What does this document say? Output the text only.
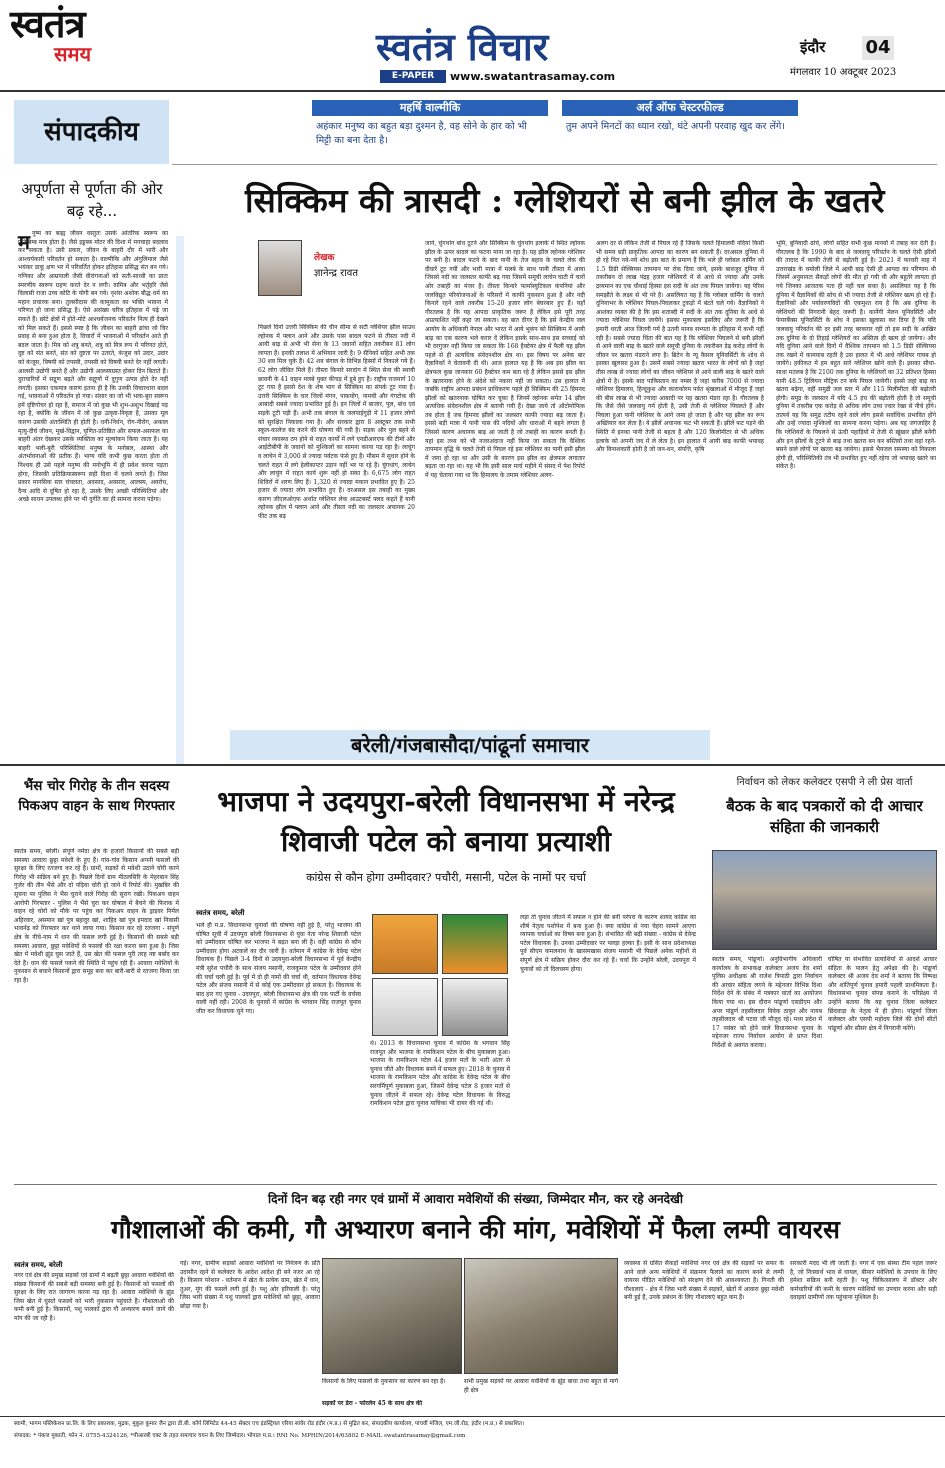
स्वतंत्र
समय	स्वतंत्र विचार
E-PAPER	www.swatantrasamay.com
इंदौर	04
मंगलवार 10 अक्टूबर 2023
संपादकीय
अपूर्णता से पूर्णता की ओर बढ़ रहे...
म नुष्य का बाह्य जीवन वस्तुतः उसके आंतरिक स्वरूप का प्रतिबिम्ब मात्र होता है। जैसे इड्डब्क मोटर की दिशा में मनचाहा बदलाव कर सकता है। उसी प्रकार, जीवन के बाहरी दौर में भारी और आश्चर्यकारी परिवर्तन हो सकता है। वाल्मीकि और अंगुलिमाल जैसे भयंकर डाकू क्षण भर में परिवर्तित होकर इतिहास प्रसिद्ध संत बन गये। गणिका और आम्रपाली जैसी वीरांगनाओं को सती-साध्वी का प्रातः स्मरणीय स्वरूप ग्रहण करते देर न लगी। वामित्र और भर्तृहरि जैसे विलासी राजा उच्च कोटि के योगी बन गये। नृशंस अशोक बौद्ध धर्म का महान प्रचारक बना। तुलसीदास की कामुकता का भक्ति भावना में परिणत हो जाना प्रसिद्ध है। ऐसे असंख्य चरित्र इतिहास में पढ़े जा सकते हैं। छोटे क्षेत्रों में होते-मोटे आश्चर्यजनक परिवर्तन नित्य ही देखने को मिल सकते हैं। इससे स्पष्ट है कि जीवन का बाहरी ढांचा जो चिर प्रवाह से बना हुआ होता है, विचारों में भावनाओं में परिवर्तन आते ही बदल जाता है। मित्र को शत्रु बनते, शत्रु को मित्र रूप में परिणत होते, दुष्ट को संत बनते, संत को दुष्टता पर उतरते, कंजूस को उदार, उदार को कंजूस, विषयी को तपस्वी, तपस्वी को विषयी बनते देर नहीं लगती। आलसी उद्योगी बनते हैं और उद्योगी आलस्यग्रस्त होकर दिन बिताते हैं। दुराचारियों में सद्गुण बढ़ते और सद्गुणों में दुगुण उत्पन्न होते देर नहीं लगती। इसका एकमात्र कारण इतना ही है कि उनकी विचारधारा बदल गई, भावनाओं में परिवर्तन हो गया। संसार का जो भी भला-बुरा स्वरूप हमें दृष्टिगोचर हो रहा है, समाज में जो कुछ भी शुभ-अशुभ दिखाई पड़ रहा है, क्योंकि के जीवन में जो कुछ उत्कृष्ट-निकृष्ट है, उसका मूल कारण उसकी अंतःस्थिति ही होती है। धनी-निर्धन, रोग-नीरोग, अकाल मृत्यु-दीर्घ जीवन, मूर्ख-विद्वान, घृणित-प्रतिष्ठित और सफल-असफल का बाहरी अंतर देखकर उसके व्यक्तित्व का मूल्यांकन किया जाता है। यह बाहरी भली-बुरी परिस्थितियां मनुष्य के मनोबल, आस्था और अंतर्भावनाओं की प्रतीक हैं। भाग्य यदि कभी कुछ करता होता तो निश्चय ही उसे पहले मनुष्य की मनोभूमि में ही प्रवेश करना पड़ता होगा, जिसकी प्रतिक्रियास्वरूप सही दिशा में चलने लगते हैं। जिस प्रकार मानसिक स्तर चंचलता, अवसाद, अवसाद, आलस्य, अवरोध, दैन्य आदि से दूषित हो रहा है, उसके लिए अच्छी परिस्थितियां और अच्छे साधन उपलब्ध होने पर भी दुर्गति का ही सामना करना पड़ेगा।
महर्षि वाल्मीकि
अहंकार मनुष्य का बहुत बड़ा दुश्मन है, वह सोने के हार को भी मिट्टी का बना देता है।
अर्ल ऑफ चेस्टरफील्ड
तुम अपने मिनटों का ध्यान रखो, घंटे अपनी परवाह खुद कर लेंगे।
सिक्किम की त्रासदी : ग्लेशियरों से बनी झील के खतरे
लेखक
ज्ञानेन्द्र रावत
पिछले दिनों उत्तरी सिक्किम की चीन सीमा से सटी ग्लेशियर झील साउथ ल्होनक में फ्लान आने और उसके पास बादल फटने से तीस्ता नदी में आयी बाढ़ से अभी भी सेना के 13 जवानों सहित तकरीबन 81 लोग लापता हैं। इनकी तलाश में अभियान जारी है। 9 सैनिकों सहित अभी तक 30 शव मिल चुके हैं। 42 शव बंगाल के विभिन्न हिस्सों में निकाले गये हैं। 62 लोग जीवित मिले हैं। तीस्ता किनारे सरदांग में स्थित सेना की स्थायी छावनी के 41 वाहन मलबे युक्त कीचड़ में डूबे हुए हैं। राष्ट्रीय राजमार्ग 10 टूट गया है इससे देश के शेष भाग से सिक्किम का संपर्क टूट गया है। उत्तरी सिक्किम के चार जिलों मंगन, पाकयोंग, नामची और गंगटोक की आबादी सबसे ज्यादा प्रभावित हुई है। इन जिलों में बाजार, पुल, बांध एवं सड़कें टूटी पड़ी हैं। अभी तक बंगाल के जलपाईगुड़ी में 11 हजार लोगों को सुरक्षित निकाला गया है। और सरकार द्वारा 8 अक्टूबर तक सभी स्कूल-कालेज बंद करने की घोषणा की गयी है। सड़क और पुल बहने से संचार व्यवस्था ठप होने से राहत कार्यों में लगे एनडीआरएफ की टीमों और आईटीबीपी के जवानों को मुश्किलों का सामना करना पड़ रहा है। लाचुंग व लाचेन में 3,000 से ज्यादा पर्यटक फंसे हुए हैं। मौसम में सुधार होने के चलते राहत में लगे हेलीकाप्टर उड़ान नहीं भर पा रहे हैं। चुंगथांग, लाचेन और लाचुंग में राहत कार्य शुरू नहीं हो सका है। 6,675 लोग राहत शिविरों में शरण लिए हैं। 1,320 से ज्यादा मकान प्रभावित हुए हैं। 25 हजार से ज्यादा लोग प्रभावित हुए हैं। दरअसल इस तबाही का मुख्य कारण जीएलओएफ अर्थात ग्लेशियर लेक आउटबर्स्ट फ्लड कहते हैं यानी ल्होनक झील में फ्लान आने और तीस्ता नदी का जलस्तर अचानक 20 फीट तक बढ़
जाने, चुंगथांग बांध टूटने और सिक्किम के चुंगथांग इलाके में स्थित ल्होनक झील के ऊपर बादल का फटना माना जा रहा है। यह झील ल्होनक ग्लेशियर पर बनी है। बादल फटने के बाद पानी के तेज बहाव के चलते लेक की दीवारें टूट गयीं और भारी मात्रा में मलबे के साथ पानी तीस्ता में आया जिससे नदी का जलस्तर काफी बढ़ गया जिसमें समूची लाचेन घाटी में चारों ओर तबाही का मंजर है। तीस्ता किनारे फार्मास्युटिकल कंपनियां और जलविद्युत परियोजनाओं के परिसरों में काफी नुकसान हुआ है और नदी किनारे रहने वाले तकरीब 15-20 हजार लोग बेघरबार हुए हैं। यहाँ गौरतलब है कि यह आपदा प्राकृतिक जरूर है लेकिन इसे पूरी तरह अप्रत्याशित नहीं कहा जा सकता। वह बात दीगर है कि इसे केन्द्रीय जल आयोग के अधिकारी नेपाल और भारत में आये भूकंप को सिक्किम में आयी बाढ़ का एक कारण भले करार दें लेकिन इसके साथ-साथ इस सच्चाई को भी दरगुजर नहीं किया जा सकता कि 168 हैक्टेयर क्षेत्र में फैली यह झील पहले से ही अत्यधिक संवेदनशील क्षेत्र था। इस विषय पर अनेक बार वैज्ञानिकों ने चेतावनी दी थी। आज हालात यह है कि अब इस झील का क्षेत्रफल कुछ जानकार 60 हैक्टेयर कम बता रहे हैं लेकिन इससे इस झील के खतरनाक होने के अंदेशे को नकारा नहीं जा सकता। उस हालात में जबकि राष्ट्रीय आपदा प्रबंधन प्राधिकरण पहले ही सिक्किम की 25 हिमनद झीलों को खतरनाक घोषित कर चुका है जिनमें ल्होनक समेत 14 झील अत्यधिक संवेदनशील क्षेत्र में बतायी गयी हैं। देखा जाये तो ऑटोमोफिक तब होता है जब हिमनद झीलों का जलस्तर काफी ज्यादा बढ़ जाता है। इससे बड़ी मात्रा में पानी पास की नदियों और धाराओं में बहने लगता है जिससे कारण अचानक बाढ़ आ जाती है जो तबाही का कारण बनती है। यहां इस तथ्य को भी नजरअंदाज नहीं किया जा सकता कि वैश्विक तापमान वृद्धि के चलते तेजी से पिघल रहे इस ग्लेशियर का पानी इसी झील में जमा हो रहा था और उसी के कारण इस झील का क्षेत्रफल लगातार बढ़ता जा रहा था। यह भी कि इसी साल मार्च महीने में संसद में पेश रिपोर्ट में यह चेताया गया था कि हिमालय के तमाम ग्लेशियर अलग-
अलग दर से लेकिन तेजी से पिघल रहे हैं जिसके चलते हिमालयी नदियां किसी भी समय बड़ी प्राकृतिक आपदा का कारण बन सकती हैं। दरअसल दुनिया में हो रहे नित नये-नये शोध इस बात के प्रमाण हैं कि भले ही ग्लोबल वार्मिंग को 1.5 डिग्री सेल्सियस तापमान पर रोक दिया जाये, इसके बावजूद दुनिया में तकरीबन दो लाख पंद्रह हजार ग्लेशियरों में से आधे से ज्यादा और उनके द्रव्यमान का एक चौथाई हिस्सा इस सदी के अंत तक पिघल जायेगा। यह पेरिस समझौते के लक्ष्य से भी परे है। असलियत यह है कि ग्लोबल वार्मिंग के चलते दुनियाभर के ग्लेशियर पिघल-पिघलकर टुकड़ों में बंटते चले गये। वैज्ञानिकों ने आशंका व्यक्त की है कि इस शताब्दी में सदी के अंत तक दुनिया के आधे से ज्यादा ग्लेशियर पिघल जायेंगे। इसका मुकाबला इसलिए और जरूरी है कि हमारी धरती आज जितनी गर्म है उतनी मानव सभ्यता के इतिहास में कभी नहीं रही है। सबसे ज्यादा चिंता की बात यह है कि ग्लेशियर पिघलने से बनी झीलों से आने वाली बाढ़ के खतरे वाले समूची दुनिया के तकरीबन डेढ़ करोड़ लोगों के जीवन पर खतरा मंडराने लगा है। ब्रिटेन के न्यू कैसल यूनिवर्सिटी के शोध से इसका खुलासा हुआ है। उसमें सबसे ज्यादा खतरा भारत के लोगों को है जहां तीस लाख से ज्यादा लोगों का जीवन ग्लेशियर से आने वाली बाढ़ के खतरे वाले क्षेत्रों में है। इसके बाद पाकिस्तान का नम्बर है जहां करीब 7000 से ज्यादा ग्लेशियर हिमालय, हिन्दूकुश और काराकोरम पर्वत श्रृंखलाओं में मौजूद हैं जहां की बीस लाख से भी ज्यादा आबादी पर यह खतरा मंडरा रहा है। गौरतलब है कि जैसे जैसे जलवायु गर्म होती है, उसी तेजी से ग्लेशियर पिघलते हैं और पिघला हुआ पानी ग्लेशियर के आगे जमा हो जाता है और यह झील का रूप अख्तियार कर लेता है। ये झीलें अचानक फट भी सकती हैं। झीलें फट पड़ने की स्थिति में इनका पानी तेजी से बहता है और 120 किलोमीटर से भी अधिक इलाके को अपनी जद में ले लेता है। इन हालात में आयी बाढ़ काफी भयावह और विनाशकारी होती है जो जन-धन, संपत्ति, कृषि
भूमि, बुनियादी ढांचे, लोगों सहित सभी कुछ मानवों में तबाह कर देती है। गौरतलब है कि 1990 के बाद से जलवायु परिवर्तन के चलते ऐसी झीलों की तादाद में काफी तेजी से बढ़ोतरी हुई है। 2021 में फरवरी माह में उत्तराखंड के चमोली जिले में आयी बाढ़ ऐसी ही आपदा का परिणाम थी जिसमें अनुमानतः सैकड़ों लोगों की मौत हो गयी थी और बहुतेरे लापता हो गये जिनका आजतक पता ही नहीं चल सका है। असलियत यह है कि दुनिया में वैज्ञानिकों की सोच से भी ज्यादा तेजी से ग्लेशियर खत्म हो रहे हैं। वैज्ञानिकों और पर्यावरणविदों की एकमुश्त राय है कि अब दुनिया के ग्लेशियरों की निगरानी बेहद जरूरी है। कार्नेगी मेलन यूनिवर्सिटी और फेयरबैंक्स यूनिवर्सिटी के शोध ने इसका खुलासा कर दिया है कि यदि जलवायु परिवर्तन की दर इसी तरह बरकरार रही तो इस सदी के आखिर तक दुनिया के दो तिहाई ग्लेशियरों का अस्तित्व ही खत्म हो जायेगा। और यदि दुनिया आने वाले दिनों में वैश्विक तापमान को 1.5 डिग्री सेल्सियस तक रखने में कामयाब रहती है उस हालत में भी आधे ग्लेशियर गायब हो जायेंगे। हकीकत में हम बहुत सारे ग्लेशियर खोने वाले हैं। इसका सीधा-साधा मतलब है कि 2100 तक दुनिया के ग्लेशियरों का 32 प्रतिशत हिस्सा यानी 48.5 ट्रिलियन मीट्रिक टन बर्फ पिघल जायेगी। इससे जहां बाढ़ का खतरा बढ़ेगा, वहीं समुद्री जल स्तर में और 115 मिलीमीटर की बढ़ोतरी होगी। समुद्र के जलस्तर में यदि 4.5 इंच की बढ़ोतरी होती है तो समूची दुनिया में तकरीब एक करोड़ से अधिक लोग उच्च ज्वार रेखा से नीचे होंगे। तात्पर्य यह कि समुद्र तटीय रहने वाले लोग इससे सर्वाधिक प्रभावित होंगे और उन्हें ज्यादा मुश्किलों का सामना करना पड़ेगा। अब यह जगजाहिर है कि ग्लेशियरों के पिघलने से ऊंची पहाड़ियों में तेजी से खूंखार झीलें बनेंगी और इन झीलों के टूटने से बाढ़ तथा खतरा बन कर बस्तियों तथा वहां रहने-बसने वाले लोगों पर खतरा बढ़ जायेगा। इससे भैयजल समस्या को निकाला होगी ही, परिस्थितिकी तंत्र भी प्रभावित हुए नहीं रहेगा जो भयावह खतरे का संकेत है।
बरेली/गंजबासौदा/पांढूर्ना समाचार
भैंस चोर गिरोह के तीन सदस्य पिकअप वाहन के साथ गिरफ्तार
स्वतंत्र समय, बरेली। संपूर्ण नर्मदा क्षेत्र के हजारों किसानों की सबसे बड़ी समस्या आवारा छुट्टा मवेशी के हुए हैं। गांव-गांव किसान अपनी फसलों की सुरक्षा के लिए रतजगा कर रहे हैं। ग्रामों, सड़कों से मवेशी उठाने चोरी करने गिरोह भी सक्रिय बने हुए हैं। पिछले दिनों ग्राम मीठलसिरि के मेहरबान सिंह गुर्जर की तीन भैंसे और दो पड़िया चोरी हो जाने में रिपोर्ट की। मुखबिर की सूचना पर पुलिस ने भैंस चुराने वाले गिरोह की सुराग रखी। पिकअप वाहन आरोपी गिरफ्तार - पुलिस ने भैंसे चुरा कर घोषाल में बैचने की फिराक में वाहन रहे चोरों को मौके पर पहुंच कर पिकअप वाहन के ड्राइवर निर्मल अहिरवार, असमान खां पुत्र बहादुर खां, शाहिद खां पुत्र इमदाद खां निवासी भावर्नढ़ को गिरफ्तार कर थाने लाया गया। किसान कर रहे रतजगा - संपूर्ण क्षेत्र के नीचे-नाम में धान की फसल लगी हुई है। किसानों की सबसे बड़ी समस्या आवारा, छुट्टा मवेशियों से फसलों की रक्षा करना बना हुआ है। जिस खेत में मवेशी झुंड घुस जाते हैं, उस खेत की फसल पूरी तरह नष्ट बर्बाद कर देते हैं। धान की फसलें पकने की स्थिति में पहुंच रही हैं। आवारा मवेशियों के नुकसान से बचाने किसानों द्वारा समूह बना कर बारी-बारी से रतजगा किया जा रहा है।
भाजपा ने उदयपुरा-बरेली विधानसभा में नरेन्द्र शिवाजी पटेल को बनाया प्रत्याशी
कांग्रेस से कौन होगा उम्मीदवार? पचौरी, मसानी, पटेल के नामों पर चर्चा
स्वतंत्र समय, बरेली
भले ही म.प्र. विधानसभा चुनावों की घोषणा नहीं हुई है, परंतु भाजपा की घोषित सूची में उदयपुरा बरेली विधानसभा से युवा नेता नरेन्द्र शिवाजी पटेल को उम्मीदवार घोषित कर भाजपा ने बढ़त बना ली है। वहीं कांग्रेस से कौन उम्मीदवार होगा अटकलें का दौर जारी है। वर्तमान में कांग्रेस के देवेन्द्र पटेल विधायक हैं। पिछले 3-4 दिनों से उदयपुरा-बरेली विधानसभा में पूर्व केन्द्रीय मंत्री सुरेश पचौरी के साथ संजय मसानी, राजकुमार पटेल के उम्मीदवार होने की चर्चा चली हुई है। पूर्व में दो ही नामों की चर्चा थी, वर्तमान विधायक देवेन्द्र पटेल और संजय मसानी में से कोई एक उम्मीदवार हो सकता है। विधायक के बाद हार गए चुनाव - उदयपुरा, बरेली विधानसभा क्षेत्र की एक पार्टी के वर्चस्व वाली नहीं रही। 2008 के चुनावों में कांग्रेस के भगवान सिंह राजपूत चुनाव जीत कर विधायक चुने गए।
थे। 2013 के विधानसभा चुनाव में कांग्रेस के भगवान सिंह राजपूत और भाजपा के रामकिशन पटेल के बीच मुकाबला हुआ। भाजपा के रामकिशन पटेल 44 हजार मतों के भारी अंतर से चुनाव जीते और विधायक बनने में सफल हुए। 2018 के चुनाव में भाजपा के रामकिशन पटेल और कांग्रेस के देवेन्द्र पटेल के बीच सरगर्मिपूर्ण मुकाबला हुआ, जिसमें देवेन्द्र पटेल 8 हजार मतों से चुनाव जीतने में सफल रहे। देवेन्द्र पटेल विधायक के विरुद्ध रामकिशन पटेल द्वारा चुनाव याचिका भी दायर की गई थी।
लड़ा तो चुनाव जीतने में सफल न होने की बनी परंपरा के कारण शायद कांग्रेस का शीर्ष नेतृत्व पशोपेश में बना हुआ है। क्या कांग्रेस से नया चेहरा सामने आएगा व्यापक चर्चाओं का विषय बना हुआ है। संभावित की बढ़ी संख्या - कांग्रेस से देवेन्द्र पटेल विधायक हैं। उनका उम्मीदवार पर पलड़ा हल्का है। इसी के साथ प्रदेशाध्यक्ष पूर्व सीएम कमलनाथ के खासमखास संजय मसानी भी पिछले अनेक महीनों से संपूर्ण क्षेत्र में सक्रिय होकर दौरा कर रहे हैं। चर्चा कि उन्होंने बरेली, उदयपुरा में चुनावों को तो दिलचस्प होगा।
निर्वाचन को लेकर कलेक्टर एसपी ने ली प्रेस वार्ता
बैठक के बाद पत्रकारों को दी आचार संहिता की जानकारी
स्वतंत्र समय, पांढूर्णा। अनुविभागीय अधिकारी कार्यालय के सभाकक्ष कलेक्टर अजय देव शर्मा पुलिस अधीक्षक श्री राजेश त्रिपाठी द्वारा निर्वाचन की आचार संहिता लगने के मद्देनजर विभिन्न दिशा निर्देश देने के संबंध में पत्रकार वार्ता का आयोजन किया गया था। इस दौरान पांढूर्णा एसडीएम और अपर पांढूर्ण तहसीलदार विवेक ठाकुर और नायब तहसीलदार श्री पटवा जी मौजूद रहे। मध्य प्रदेश में 17 नवंबर को होने वाले विधानसभा चुनाव के मद्देनजर राज्य निर्वाचन आयोग से प्राप्त दिशा निर्देशों से अवगत कराया।
घोषित या संभावित प्रत्याशियों से आदर्श आचार संहिता के पालन हेतु अपेक्षा की है। पांढूर्णा कलेक्टर श्री अजय देव शर्मा ने बताया कि निष्पक्ष और शांतिपूर्ण चुनाव हमारी पहली प्राथमिकता है। विधानसभा चुनाव संपन्न कराने के परिप्रेक्ष्य में उन्होंने बताया कि यह चुनाव जिला कलेक्टर छिंदवाड़ा के नेतृत्व में ही होगा। पांढूर्णा जिला कलेक्टर और एसपी महोदय जिले की दोनों सीटों पांढूर्णा और सौसर क्षेत्र में निगरानी करेंगे।
दिनों दिन बढ़ रही नगर एवं ग्रामों में आवारा मवेशियों की संख्या, जिम्मेदार मौन, कर रहे अनदेखी
गौशालाओं की कमी, गौ अभ्यारण बनाने की मांग, मवेशियों में फैला लम्पी वायरस
स्वतंत्र समय, बरेली
नगर एवं क्षेत्र की प्रमुख सड़कों एवं ग्रामों में बढ़ती छुट्टा आवारा मवेशियों की संख्या किसानों की सबसे बड़ी समस्या बनी हुई है। किसानों को फसलों की सुरक्षा के लिए रात जागरण करना पड़ रहा है। आवारा मवेशियों के झुंड जिस खेत में घुसते फसलों को भारी नुकसान पहुंचाते हैं। गौशालाओं की कमी बनी हुई है। किसानों, पशु पालकों द्वारा गौ अभ्यारण बनाने जाने की मांग की जा रही है।
गई। नगर, ग्रामीण सड़कों आवारा मवेशियों पर नियंत्रण के प्रति उदासीन रहने से कलेक्टर के आदेश आदेश ही बने नजर आ रहे हैं। किसान परेशान - वर्तमान में खेत के प्रत्येक ग्राम, खेत में धान, तुअर, मूंग की फसलें लगी हुई हैं। पशु ओर हरियाली है। परंतु जिस भारी संख्या में पशु पालकों द्वारा मवेशियों को छुट्टा, आवारा छोड़ा गया है।
किसानों के लिए फसलों के नुकसान का कारण बन रहा है।	सभी प्रमुख सड़कों पर आवारा मवेशियों के झुंड बाधा तथा बहुत से मार्ग ही क्षेत्र
सड़कों पर डेरा - फोरलेन 45 के साथ क्षेत्र की
व्यवस्था से ग्रसित सैकड़ों मवेशियां नगर एवं क्षेत्र की सड़कों पर सफर के आने वाले अन्य मवेशियों में संक्रमण फैलाने का कारण बनने से लम्पी वायरस पीड़ित मवेशियों को संरक्षण देने की आवश्यकता है। गिनती की गौशालाएं - क्षेत्र में जिस भारी संख्या में सड़कों, खेतों में आवारा छुट्टा मवेशी बनी हुई हैं, उनके प्रबंधन के लिए गौशालाएं बहुत कम हैं।
सरकारी मदद भी ली जाती है। नगर में एक संस्था टीम पहल जरूर है, जो निःस्वार्थ भाव से घायल, बीमार मवेशियों के उपचार के लिए हमेशा सक्रिय बनी रहती है। पशु चिकित्सालय में डॉक्टर और कर्मचारियों की कमी के कारण मवेशियों का उपचार करना और सही दवाइयां ग्रामीणों तक पहुंचाना मुश्किल है।
स्वामी, भागम पब्लिकेशन प्रा.लि. के लिए प्रकाशक, मुद्रक, मुकुल कुमार जैन द्वारा डी.बी. कॉर्प लिमिटेड 44-45 सेक्टर एच इंडस्ट्रियल एरिया सांवेर रोड इंदौर (म.प्र.) से मुद्रित कर, संपादकीय कार्यालय, पांचवीं मंजिल, एम.जी.रोड, इंदौर (म.प्र.) से प्रकाशित।
संपादक: * पंकज मुकाती, फोन नं. 0755-4324126, *पीआरबी एक्ट के तहत समाचार चयन के लिए जिम्मेदार। भोपाल म.प्र.। RNI No. MPHIN/2014/63802 E-MAIL swatantrasamay@gmail.com
